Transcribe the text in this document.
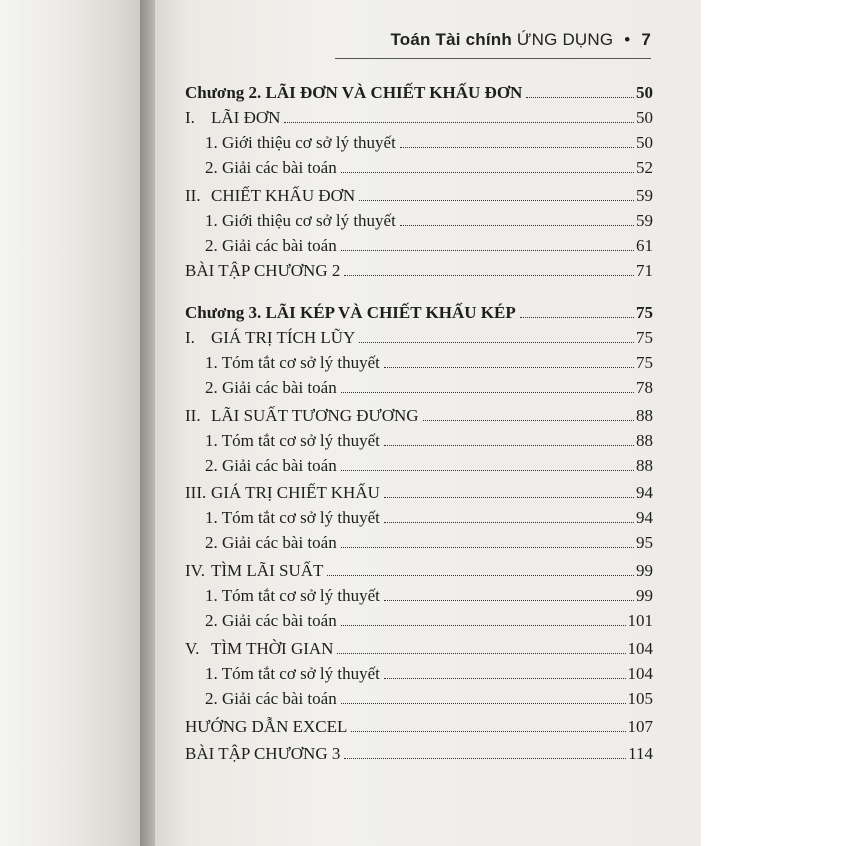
Toán Tài chính ỨNG DỤNG • 7
Chương 2. LÃI ĐƠN VÀ CHIẾT KHẤU ĐƠN	50
I. LÃI ĐƠN	50
1. Giới thiệu cơ sở lý thuyết	50
2. Giải các bài toán	52
II. CHIẾT KHẤU ĐƠN	59
1. Giới thiệu cơ sở lý thuyết	59
2. Giải các bài toán	61
BÀI TẬP CHƯƠNG 2	71
Chương 3. LÃI KÉP VÀ CHIẾT KHẤU KÉP	75
I. GIÁ TRỊ TÍCH LŨY	75
1. Tóm tắt cơ sở lý thuyết	75
2. Giải các bài toán	78
II. LÃI SUẤT TƯƠNG ĐƯƠNG	88
1. Tóm tắt cơ sở lý thuyết	88
2. Giải các bài toán	88
III. GIÁ TRỊ CHIẾT KHẤU	94
1. Tóm tắt cơ sở lý thuyết	94
2. Giải các bài toán	95
IV. TÌM LÃI SUẤT	99
1. Tóm tắt cơ sở lý thuyết	99
2. Giải các bài toán	101
V. TÌM THỜI GIAN	104
1. Tóm tắt cơ sở lý thuyết	104
2. Giải các bài toán	105
HƯỚNG DẪN EXCEL	107
BÀI TẬP CHƯƠNG 3	114
